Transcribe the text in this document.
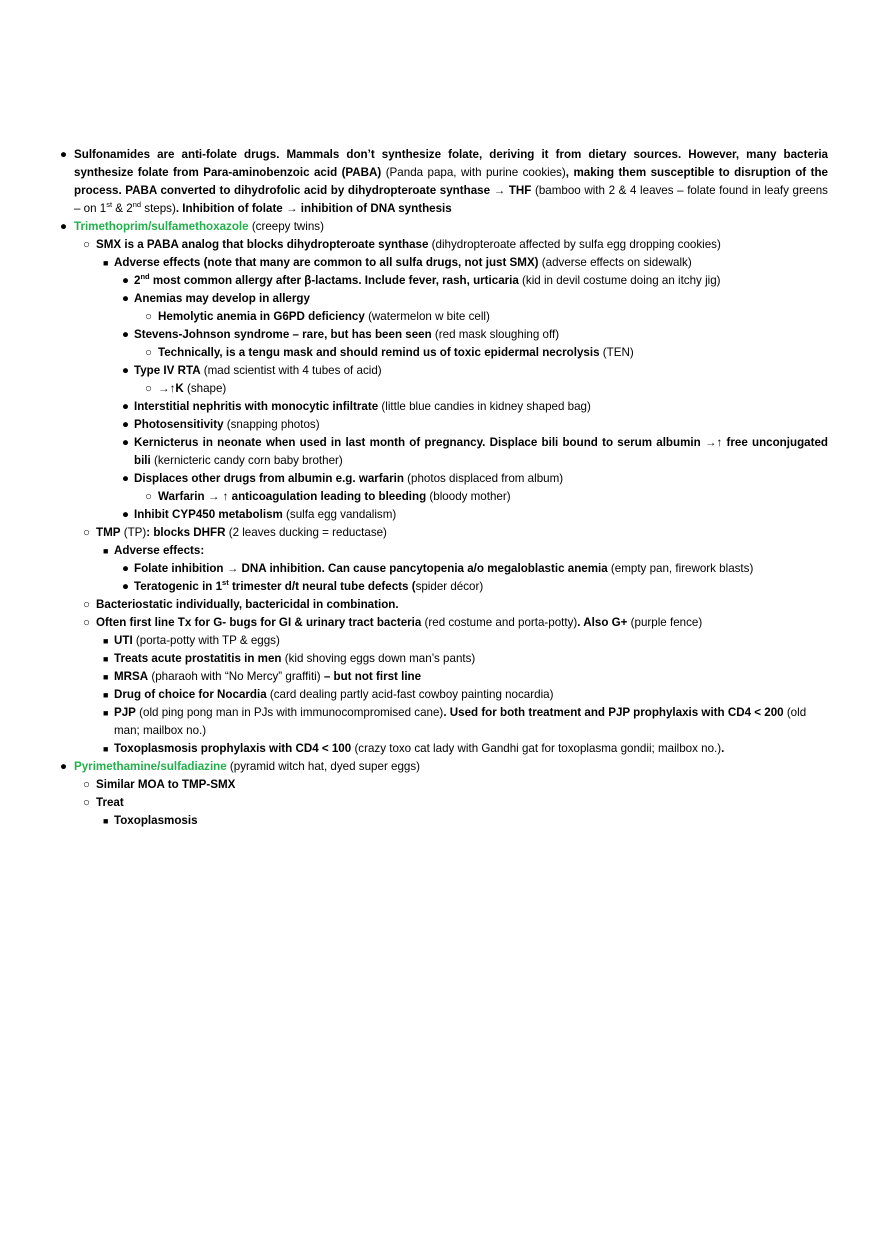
● Sulfonamides are anti-folate drugs. Mammals don’t synthesize folate, deriving it from dietary sources. However, many bacteria synthesize folate from Para-aminobenzoic acid (PABA) (Panda papa, with purine cookies), making them susceptible to disruption of the process. PABA converted to dihydrofolic acid by dihydropteroate synthase → THF (bamboo with 2 & 4 leaves – folate found in leafy greens – on 1st & 2nd steps). Inhibition of folate → inhibition of DNA synthesis
● Trimethoprim/sulfamethoxazole (creepy twins)
○ SMX is a PABA analog that blocks dihydropteroate synthase (dihydropteroate affected by sulfa egg dropping cookies)
■ Adverse effects (note that many are common to all sulfa drugs, not just SMX) (adverse effects on sidewalk)
● 2nd most common allergy after β-lactams. Include fever, rash, urticaria (kid in devil costume doing an itchy jig)
● Anemias may develop in allergy
○ Hemolytic anemia in G6PD deficiency (watermelon w bite cell)
● Stevens-Johnson syndrome – rare, but has been seen (red mask sloughing off)
○ Technically, is a tengu mask and should remind us of toxic epidermal necrolysis (TEN)
● Type IV RTA (mad scientist with 4 tubes of acid)
○ →↑K (shape)
● Interstitial nephritis with monocytic infiltrate (little blue candies in kidney shaped bag)
● Photosensitivity (snapping photos)
● Kernicterus in neonate when used in last month of pregnancy. Displace bili bound to serum albumin →↑ free unconjugated bili (kernicteric candy corn baby brother)
● Displaces other drugs from albumin e.g. warfarin (photos displaced from album)
○ Warfarin → ↑ anticoagulation leading to bleeding (bloody mother)
● Inhibit CYP450 metabolism (sulfa egg vandalism)
○ TMP (TP): blocks DHFR (2 leaves ducking = reductase)
■ Adverse effects:
● Folate inhibition → DNA inhibition. Can cause pancytopenia a/o megaloblastic anemia (empty pan, firework blasts)
● Teratogenic in 1st trimester d/t neural tube defects (spider décor)
○ Bacteriostatic individually, bactericidal in combination.
○ Often first line Tx for G- bugs for GI & urinary tract bacteria (red costume and porta-potty). Also G+ (purple fence)
■ UTI (porta-potty with TP & eggs)
■ Treats acute prostatitis in men (kid shoving eggs down man’s pants)
■ MRSA (pharaoh with “No Mercy” graffiti) – but not first line
■ Drug of choice for Nocardia (card dealing partly acid-fast cowboy painting nocardia)
■ PJP (old ping pong man in PJs with immunocompromised cane). Used for both treatment and PJP prophylaxis with CD4 < 200 (old man; mailbox no.)
■ Toxoplasmosis prophylaxis with CD4 < 100 (crazy toxo cat lady with Gandhi gat for toxoplasma gondii; mailbox no.).
● Pyrimethamine/sulfadiazine (pyramid witch hat, dyed super eggs)
○ Similar MOA to TMP-SMX
○ Treat
■ Toxoplasmosis
